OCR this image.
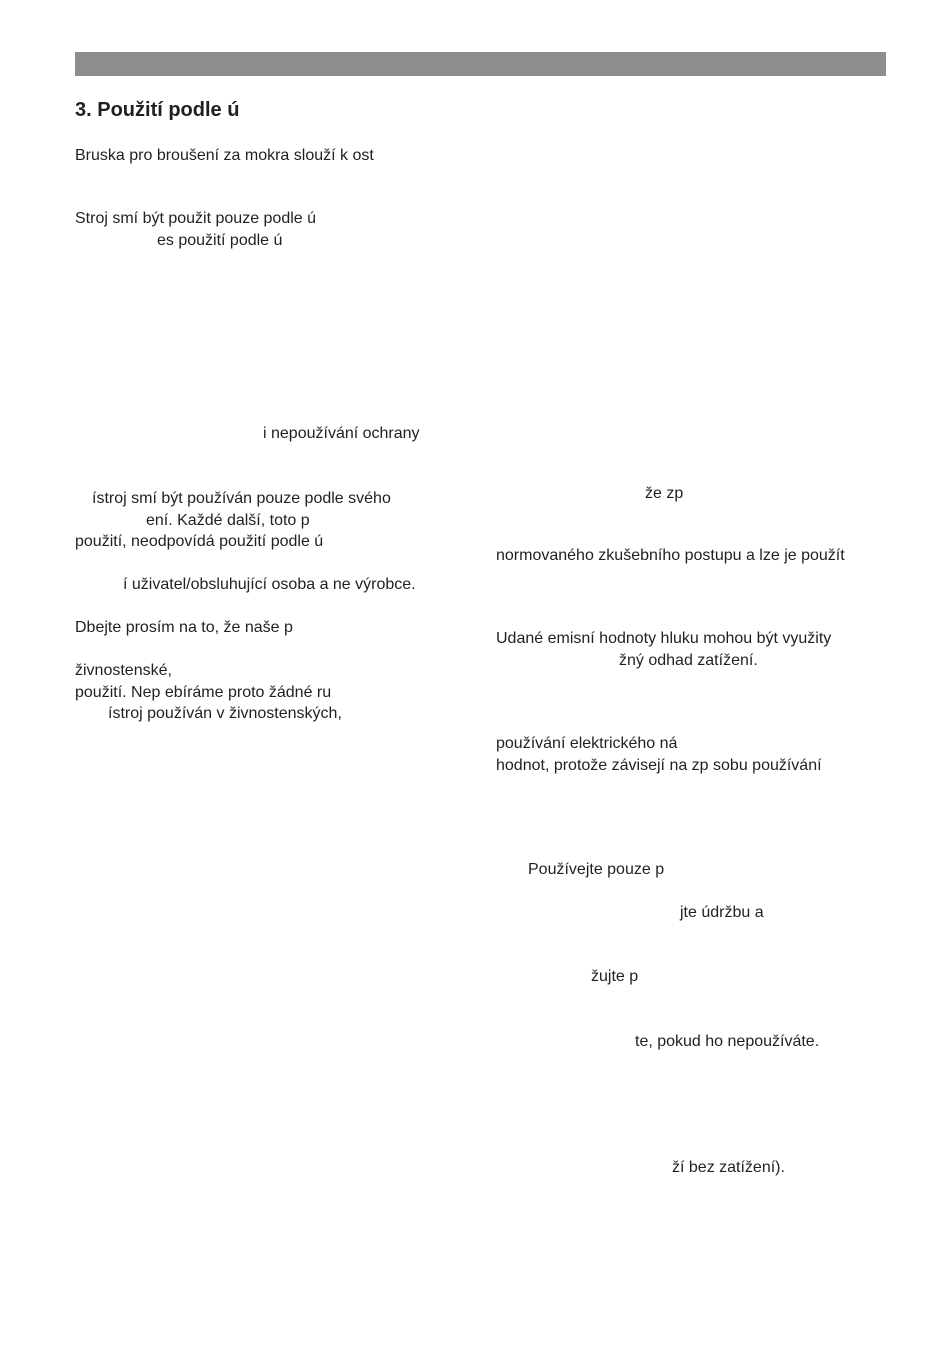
3. Použití podle ú
Bruska pro broušení za mokra slouží k ost
Stroj smí být použit pouze podle ú
es použití podle ú
i nepoužívání ochrany
ístroj smí být používán pouze podle svého
ení. Každé další, toto p
použití, neodpovídá použití podle ú
í uživatel/obsluhující osoba a ne výrobce.
Dbejte prosím na to, že naše p
živnostenské,
použití. Nep ebíráme proto žádné ru
ístroj používán v živnostenských,
že zp
normovaného zkušebního postupu a lze je použít
Udané emisní hodnoty hluku mohou být využity
žný odhad zatížení.
používání elektrického ná
hodnot, protože závisejí na zp sobu používání
Používejte pouze p
jte údržbu a
žujte p
te, pokud ho nepoužíváte.
ží bez zatížení).
